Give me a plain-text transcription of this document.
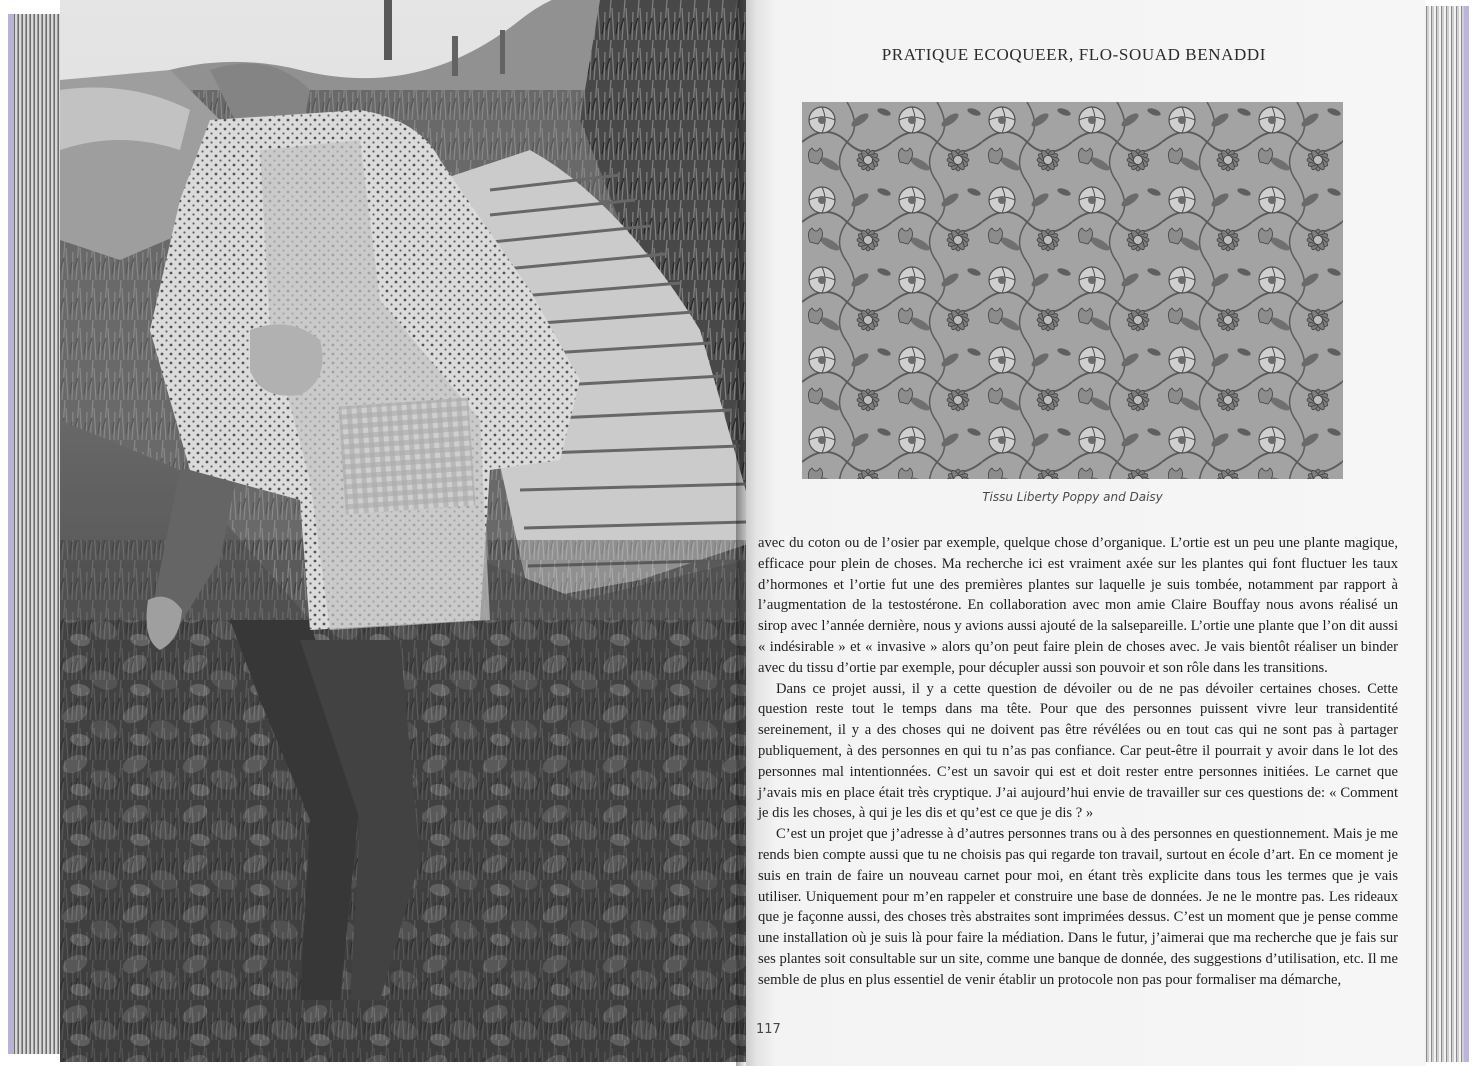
PRATIQUE ECOQUEER, FLO-SOUAD BENADDI
Tissu Liberty Poppy and Daisy

avec du coton ou de l’osier par exemple, quelque chose d’organique. L’ortie est un peu une plante magique, efficace pour plein de choses. Ma recherche ici est vraiment axée sur les plantes qui font fluctuer les taux d’hormones et l’ortie fut une des premières plantes sur laquelle je suis tombée, notamment par rapport à l’augmentation de la testostérone. En collaboration avec mon amie Claire Bouffay nous avons réalisé un sirop avec l’année dernière, nous y avions aussi ajouté de la salsepareille. L’ortie une plante que l’on dit aussi « indésirable » et « invasive » alors qu’on peut faire plein de choses avec. Je vais bientôt réaliser un binder avec du tissu d’ortie par exemple, pour décupler aussi son pouvoir et son rôle dans les transitions.

Dans ce projet aussi, il y a cette question de dévoiler ou de ne pas dévoiler certaines choses. Cette question reste tout le temps dans ma tête. Pour que des personnes puissent vivre leur transidentité sereinement, il y a des choses qui ne doivent pas être révélées ou en tout cas qui ne sont pas à partager publiquement, à des personnes en qui tu n’as pas confiance. Car peut-être il pourrait y avoir dans le lot des personnes mal intentionnées. C’est un savoir qui est et doit rester entre personnes initiées. Le carnet que j’avais mis en place était très cryptique. J’ai aujourd’hui envie de travailler sur ces questions de: « Comment je dis les choses, à qui je les dis et qu’est ce que je dis ? »

C’est un projet que j’adresse à d’autres personnes trans ou à des personnes en questionnement. Mais je me rends bien compte aussi que tu ne choisis pas qui regarde ton travail, surtout en école d’art. En ce moment je suis en train de faire un nouveau carnet pour moi, en étant très explicite dans tous les termes que je vais utiliser. Uniquement pour m’en rappeler et construire une base de données. Je ne le montre pas. Les rideaux que je façonne aussi, des choses très abstraites sont imprimées dessus. C’est un moment que je pense comme une installation où je suis là pour faire la médiation. Dans le futur, j’aimerai que ma recherche que je fais sur ses plantes soit consultable sur un site, comme une banque de donnée, des suggestions d’utilisation, etc. Il me semble de plus en plus essentiel de venir établir un protocole non pas pour formaliser ma démarche,

117
